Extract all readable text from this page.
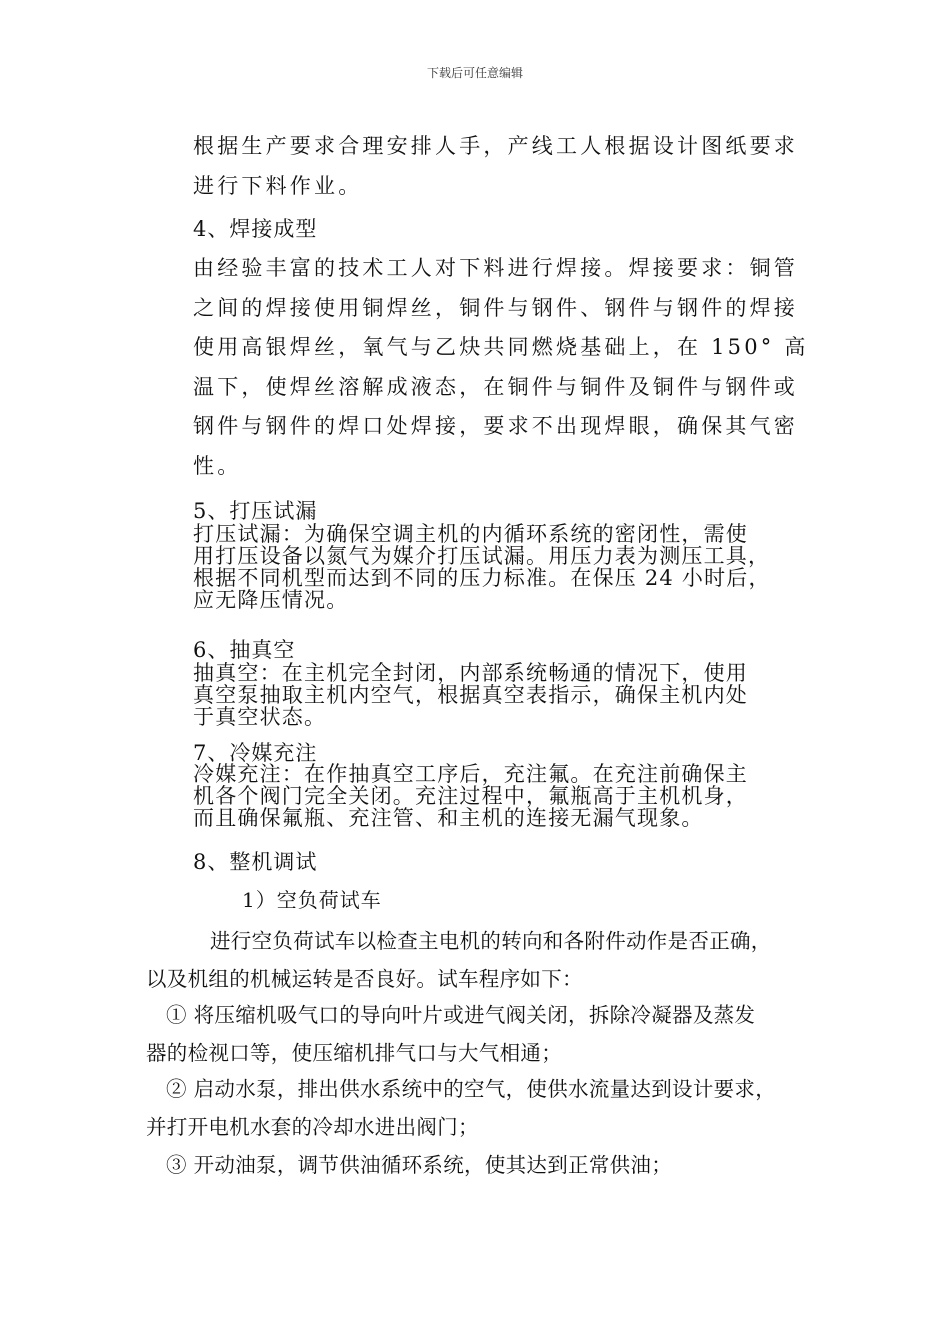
下载后可任意编辑
根据生产要求合理安排人手，产线工人根据设计图纸要求
进行下料作业。
4、焊接成型
由经验丰富的技术工人对下料进行焊接。焊接要求：铜管
之间的焊接使用铜焊丝，铜件与钢件、钢件与钢件的焊接
使用高银焊丝，氧气与乙炔共同燃烧基础上，在 150° 高
温下，使焊丝溶解成液态，在铜件与铜件及铜件与钢件或
钢件与钢件的焊口处焊接，要求不出现焊眼，确保其气密
性。
5、打压试漏
打压试漏：为确保空调主机的内循环系统的密闭性，需使
用打压设备以氮气为媒介打压试漏。用压力表为测压工具，
根据不同机型而达到不同的压力标准。在保压 24 小时后，
应无降压情况。
6、抽真空
抽真空：在主机完全封闭，内部系统畅通的情况下，使用
真空泵抽取主机内空气，根据真空表指示，确保主机内处
于真空状态。
7、冷媒充注
冷媒充注：在作抽真空工序后，充注氟。在充注前确保主
机各个阀门完全关闭。充注过程中，氟瓶高于主机机身，
而且确保氟瓶、充注管、和主机的连接无漏气现象。
8、整机调试
1）空负荷试车
进行空负荷试车以检查主电机的转向和各附件动作是否正确，
以及机组的机械运转是否良好。试车程序如下：
① 将压缩机吸气口的导向叶片或进气阀关闭，拆除冷凝器及蒸发
器的检视口等，使压缩机排气口与大气相通；
② 启动水泵，排出供水系统中的空气，使供水流量达到设计要求，
并打开电机水套的冷却水进出阀门；
③ 开动油泵，调节供油循环系统，使其达到正常供油；
